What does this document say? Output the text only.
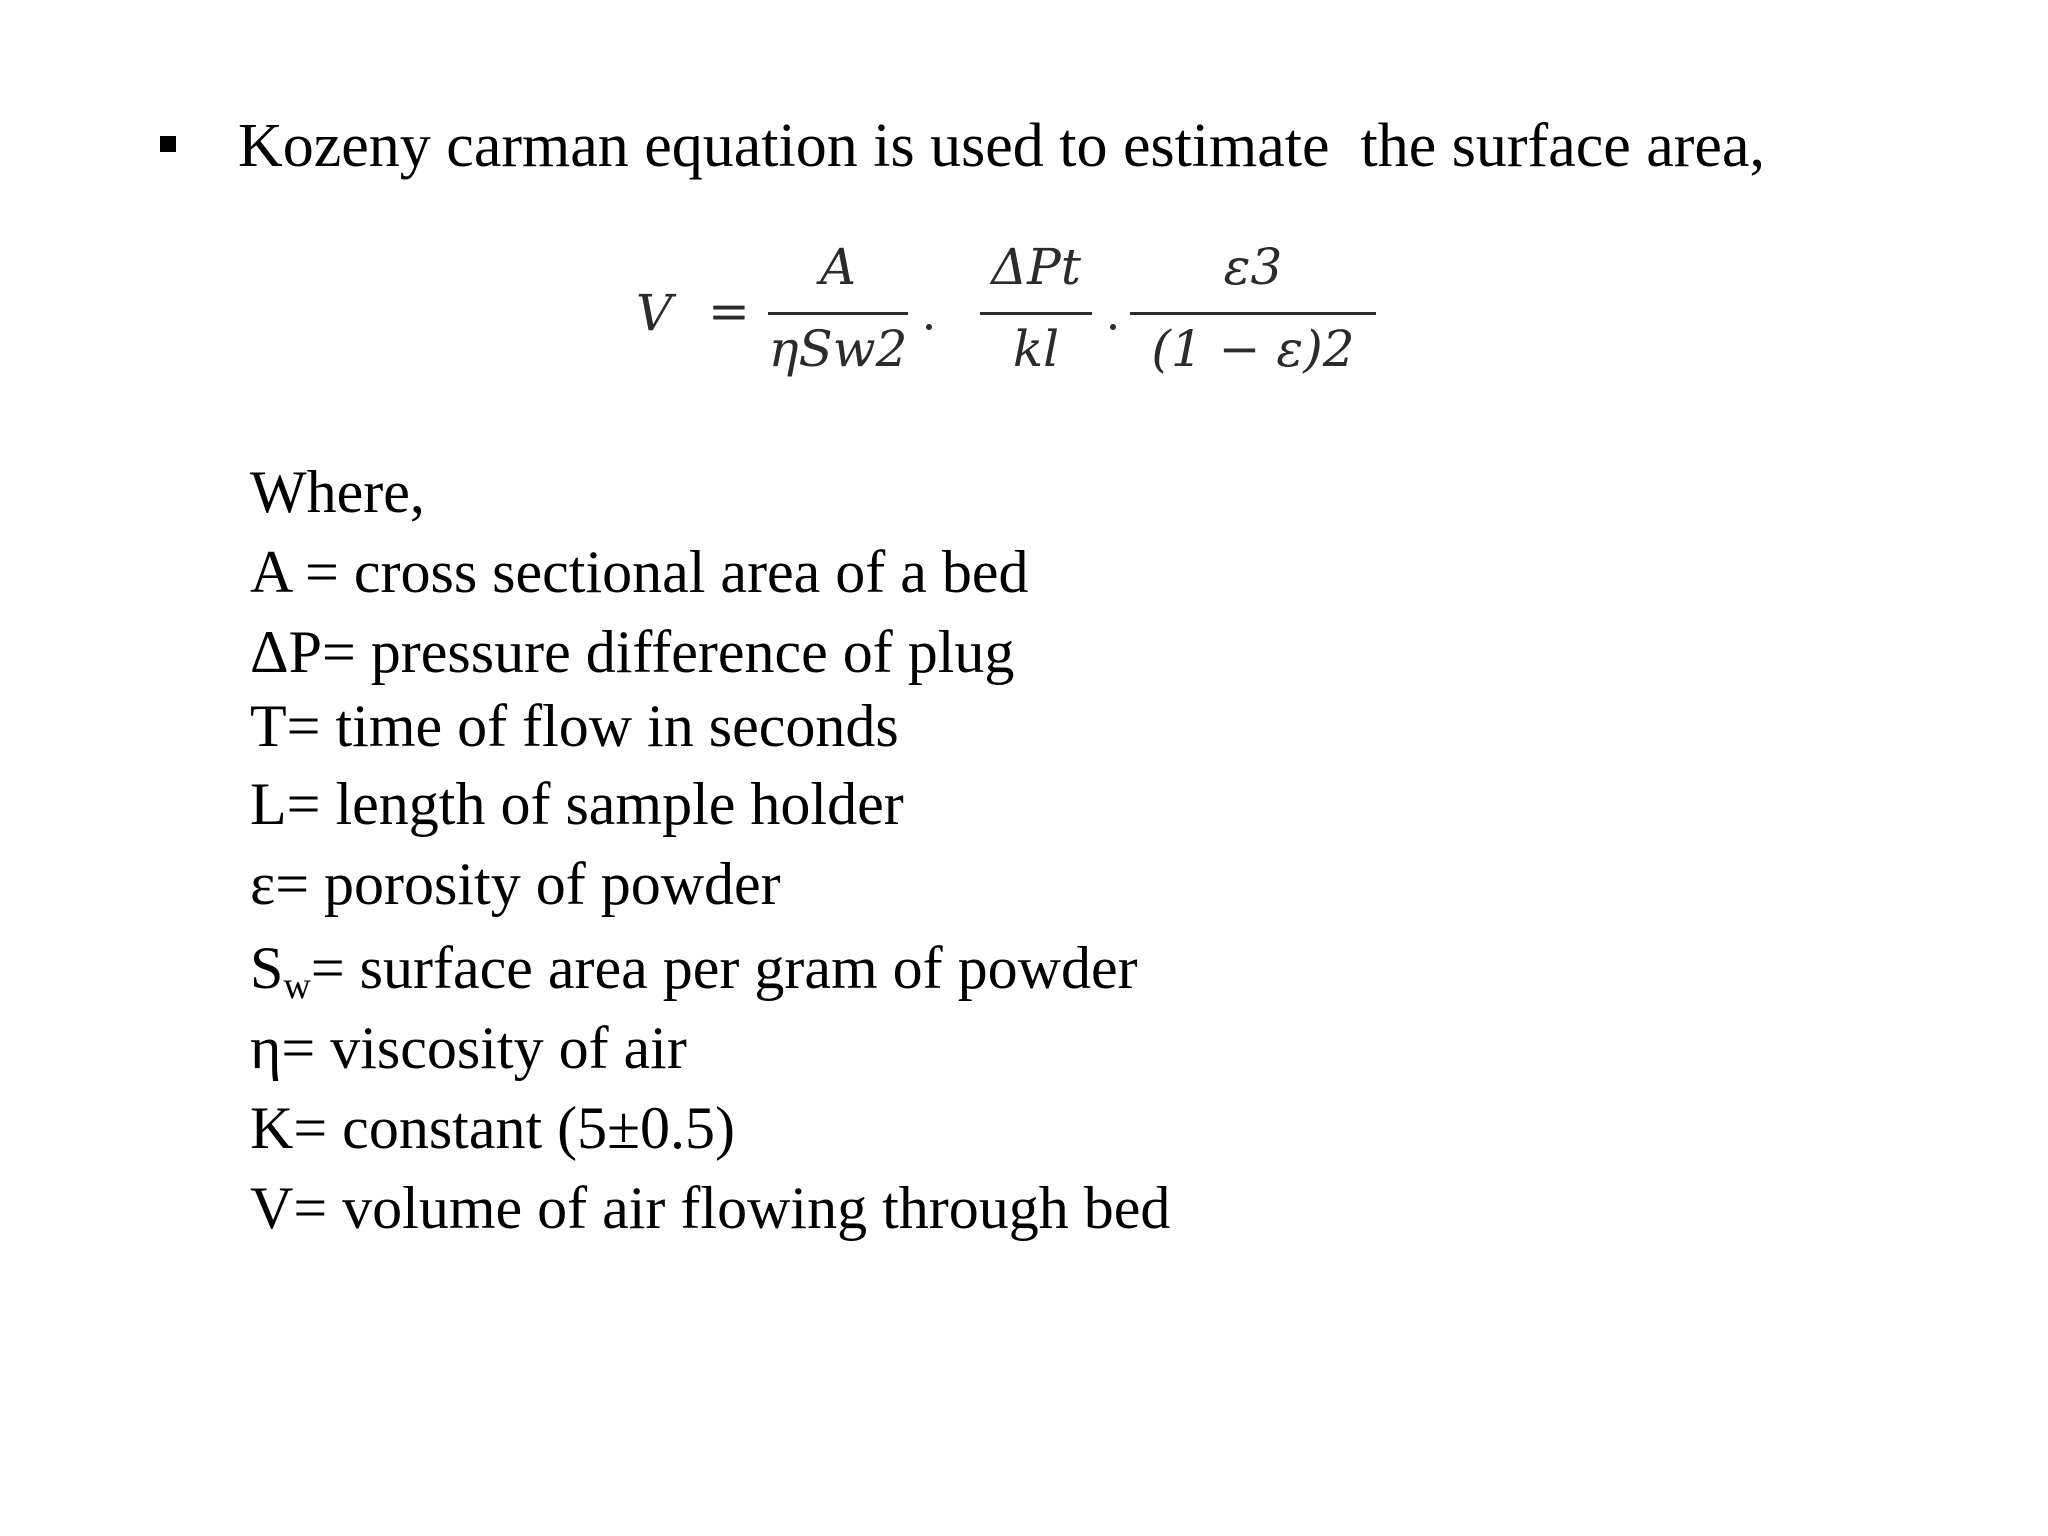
Kozeny carman equation is used to estimate  the surface area,
V =
A
ηSw2
ΔPt
kl
ε3
(1 − ε)2
Where,
A = cross sectional area of a bed
ΔP= pressure difference of plug
T= time of flow in seconds
L= length of sample holder
ε= porosity of powder
$S_w=$ surface area per gram of powder
η= viscosity of air
K= constant (5±0.5)
V= volume of air flowing through bed
